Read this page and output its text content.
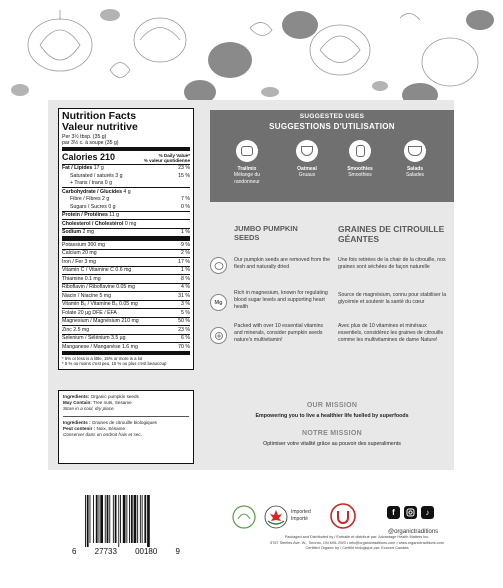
Nutrition Facts
Valeur nutritive
Per 3½ tbsp. (35 g)
par 3½ c. à soupe (35 g)
Calories 210	% Daily Value*
% valeur quotidienne
Fat / Lipides 17 g	23 %
Saturated / saturés 3 g	15 %
+ Trans / trans 0 g
Carbohydrate / Glucides 4 g
Fibre / Fibres 2 g	7 %
Sugars / Sucres 0 g	0 %
Protein / Protéines 11 g
Cholesterol / Cholestérol 0 mg
Sodium 2 mg	1 %
Potassium 300 mg	9 %
Calcium 20 mg	2 %
Iron / Fer 3 mg	17 %
Vitamin C / Vitamine C 0.6 mg	1 %
Thiamine 0.1 mg	8 %
Riboflavin / Riboflavine 0.05 mg	4 %
Niacin / Niacine 5 mg	31 %
Vitamin B₆ / Vitamine B₆ 0.05 mg	3 %
Folate 20 µg DFE / ÉFA	5 %
Magnesium / Magnésium 210 mg	50 %
Zinc 2.5 mg	23 %
Selenium / Sélénium 3.5 µg	6 %
Manganese / Manganèse 1.6 mg	70 %
* 5% or less is a little, 15% or more is a lot
* 5 % ou moins c'est peu, 15 % ou plus c'est beaucoup
Ingredients: Organic pumpkin seeds
May Contain: Tree nuts, Sesame
Store in a cool, dry place.
Ingrédients : Graines de citrouille biologiques
Peut contenir : Noix, Sésame
Conserver dans un endroit frais et sec.
SUGGESTED USES
SUGGESTIONS D'UTILISATION
Trailmix
Mélange du randonneur
Oatmeal
Gruaux
Smoothies
Smoothies
Salads
Salades
JUMBO PUMPKIN SEEDS
GRAINES DE CITROUILLE GÉANTES
Our pumpkin seeds are removed from the flesh and naturally dried
Une fois retirées de la chair de la citrouille, nos graines sont séchées de façon naturelle
Mg
Rich in magnesium, known for regulating blood sugar levels and supporting heart health
Source de magnésium, connu pour stabiliser la glycémie et soutenir la santé du cœur
Packed with over 10 essential vitamins and minerals, consider pumpkin seeds nature's multivitamin!
Avec plus de 10 vitamines et minéraux essentiels, considérez les graines de citrouille comme les multivitamines de dame Nature!
OUR MISSION
Empowering you to live a healthier life fuelled by superfoods
NOTRE MISSION
Optimiser votre vitalité grâce au pouvoir des superaliments
6 27733 00180 9
Imported
Importé
f	♪
@organictraditions
Packaged and Distributed by / Emballé et distribué par: Advantage Health Matters Inc.
5767 Steeles Ave. W., Toronto, ON M9L 2W3 • info@organictraditions.com • www.organictraditions.com
Certified Organic by / Certifié biologique par: Ecocert Canada
